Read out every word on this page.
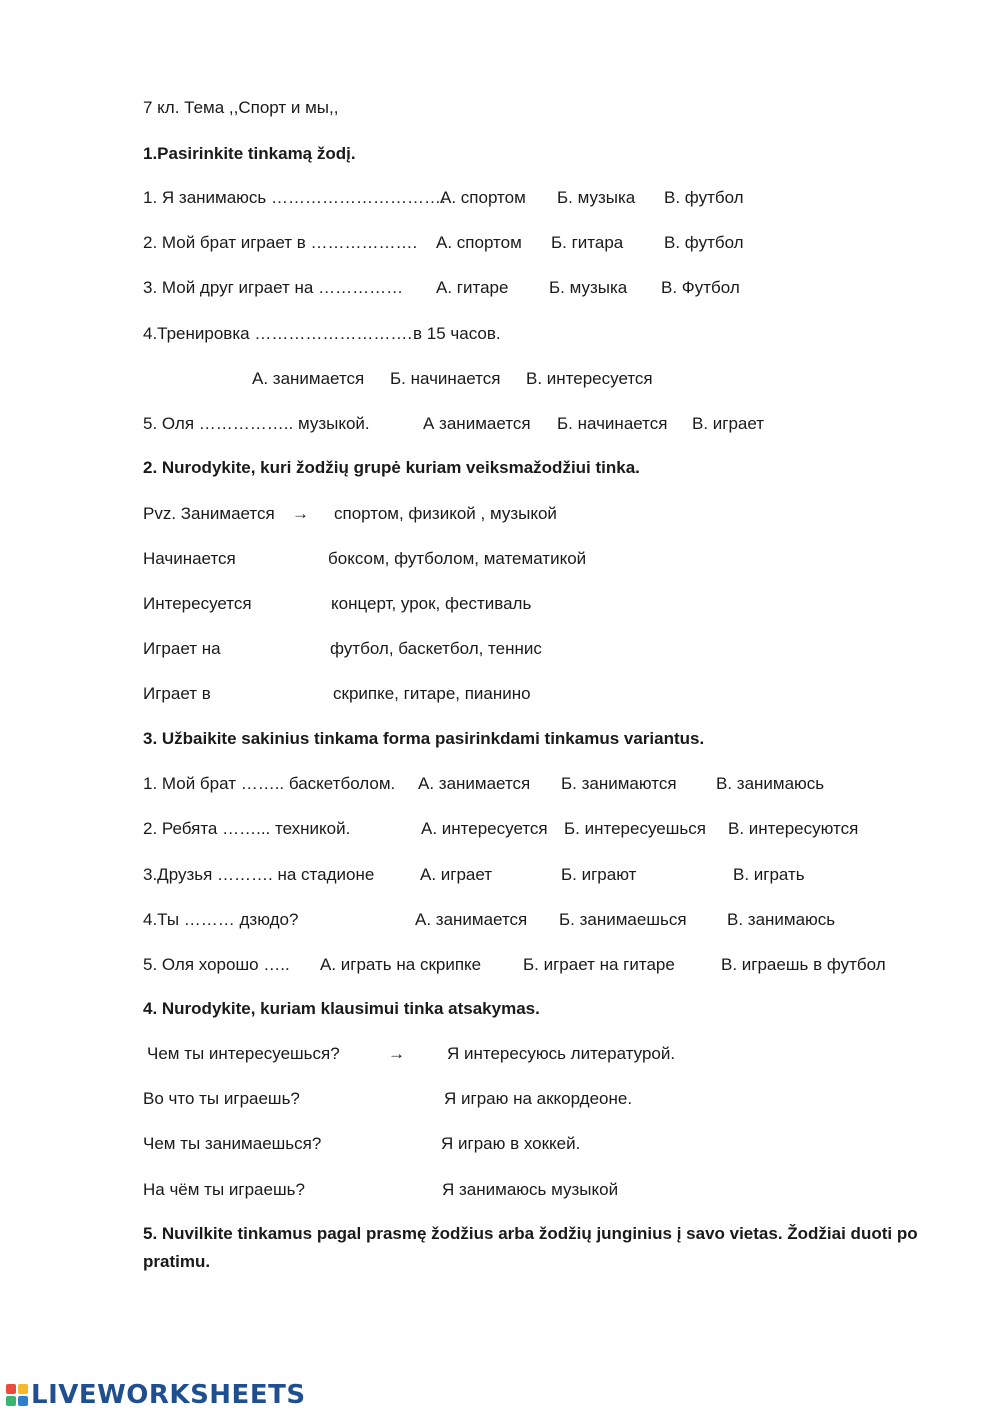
7 кл. Тема ,,Спорт и мы,,
1.Pasirinkite tinkamą žodį.
1. Я занимаюсь ………………………….
А. спортом Б. музыка В. футбол
2. Мой брат играет в ………………. А. спортом Б. гитара В. футбол
3. Мой друг играет на …………… А. гитаре Б. музыка В. Футбол
4.Тренировка ………………………. в 15 часов.
А. занимается Б. начинается В. интересуется
5. Оля …………….. музыкой.	А занимается Б. начинается В. играет
2. Nurodykite, kuri žodžių grupė kuriam veiksmažodžiui tinka.
Pvz. Занимается → спортом, физикой , музыкой
Начинается	боксом, футболом, математикой
Интересуется	концерт, урок, фестиваль
Играет на	футбол, баскетбол, теннис
Играет в	скрипке, гитаре, пианино
3. Užbaikite sakinius tinkama forma pasirinkdami tinkamus variantus.
1. Мой брат …….. баскетболом. А. занимается Б. занимаются В. занимаюсь
2. Ребята ……... техникой.	А. интересуется Б. интересуешься В. интересуются
3.Друзья ………. на стадионе	А. играет	Б. играют	В. играть
4.Ты ……… дзюдо?	А. занимается Б. занимаешься В. занимаюсь
5. Оля хорошо ….. А. играть на скрипке Б. играет на гитаре	В. играешь в футбол
4. Nurodykite, kuriam klausimui tinka atsakymas.
Чем ты интересуешься?	→ Я интересуюсь литературой.
Во что ты играешь?	Я играю на аккордеоне.
Чем ты занимаешься?	Я играю в хоккей.
На чём ты играешь?	Я занимаюсь музыкой
5. Nuvilkite tinkamus pagal prasmę žodžius arba žodžių junginius į savo vietas. Žodžiai duoti po pratimu.
LIVEWORKSHEETS
